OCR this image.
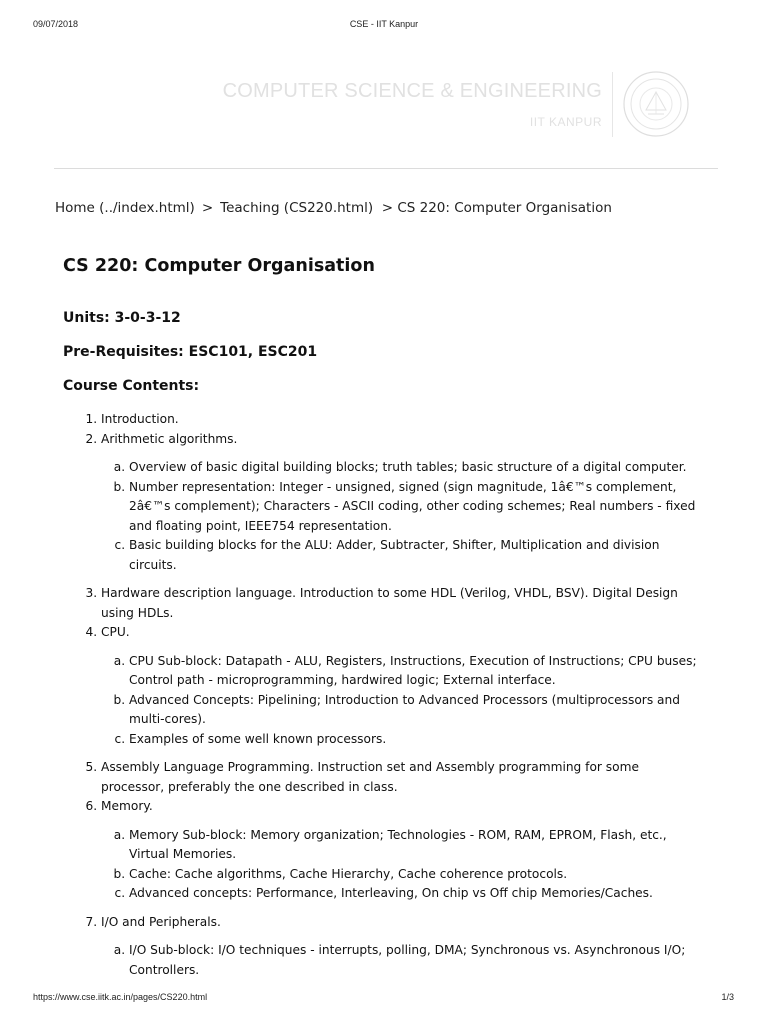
09/07/2018	CSE - IIT Kanpur
COMPUTER SCIENCE & ENGINEERING
IIT KANPUR
Home (../index.html) > Teaching (CS220.html) > CS 220: Computer Organisation
CS 220: Computer Organisation
Units: 3-0-3-12
Pre-Requisites: ESC101, ESC201
Course Contents:
1. Introduction.
2. Arithmetic algorithms.
a. Overview of basic digital building blocks; truth tables; basic structure of a digital computer.
b. Number representation: Integer - unsigned, signed (sign magnitude, 1â€™s complement, 2â€™s complement); Characters - ASCII coding, other coding schemes; Real numbers - fixed and floating point, IEEE754 representation.
c. Basic building blocks for the ALU: Adder, Subtracter, Shifter, Multiplication and division circuits.
3. Hardware description language. Introduction to some HDL (Verilog, VHDL, BSV). Digital Design using HDLs.
4. CPU.
a. CPU Sub-block: Datapath - ALU, Registers, Instructions, Execution of Instructions; CPU buses; Control path - microprogramming, hardwired logic; External interface.
b. Advanced Concepts: Pipelining; Introduction to Advanced Processors (multiprocessors and multi-cores).
c. Examples of some well known processors.
5. Assembly Language Programming. Instruction set and Assembly programming for some processor, preferably the one described in class.
6. Memory.
a. Memory Sub-block: Memory organization; Technologies - ROM, RAM, EPROM, Flash, etc., Virtual Memories.
b. Cache: Cache algorithms, Cache Hierarchy, Cache coherence protocols.
c. Advanced concepts: Performance, Interleaving, On chip vs Off chip Memories/Caches.
7. I/O and Peripherals.
a. I/O Sub-block: I/O techniques - interrupts, polling, DMA; Synchronous vs. Asynchronous I/O; Controllers.
https://www.cse.iitk.ac.in/pages/CS220.html	1/3
